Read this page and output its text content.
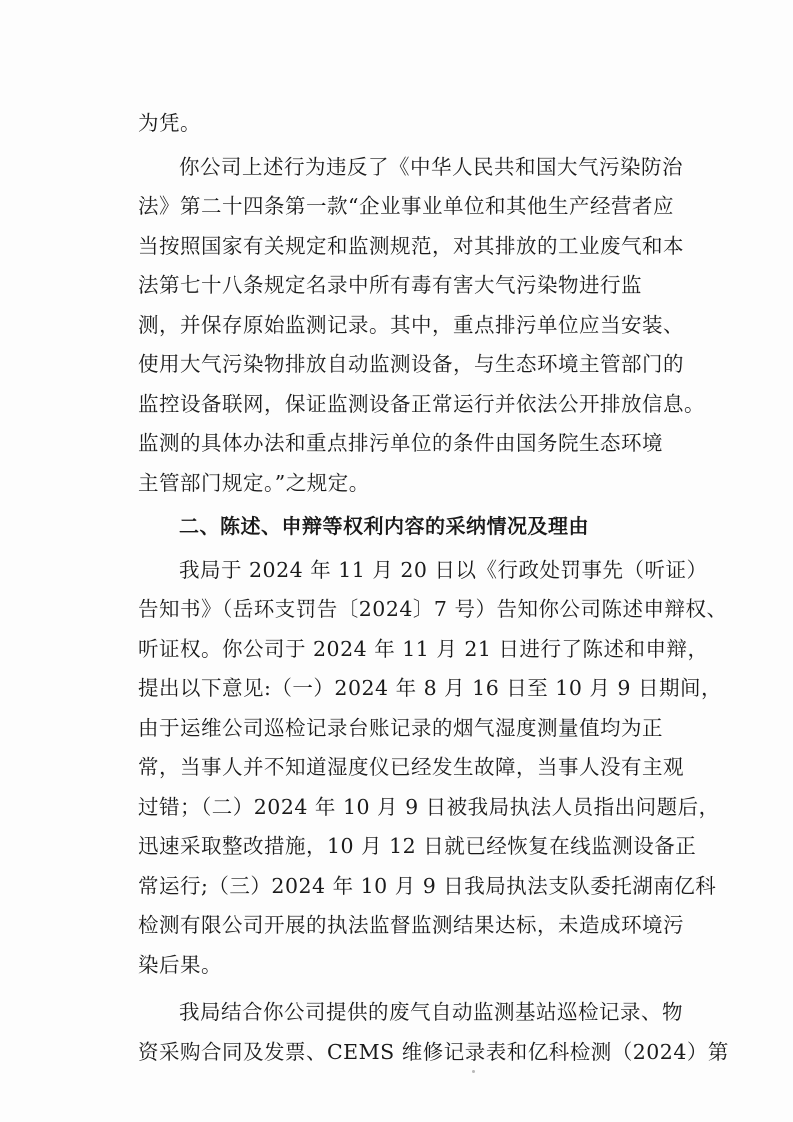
为凭。
你公司上述行为违反了《中华人民共和国大气污染防治
法》第二十四条第一款“企业事业单位和其他生产经营者应
当按照国家有关规定和监测规范，对其排放的工业废气和本
法第七十八条规定名录中所有毒有害大气污染物进行监
测，并保存原始监测记录。其中，重点排污单位应当安装、
使用大气污染物排放自动监测设备，与生态环境主管部门的
监控设备联网，保证监测设备正常运行并依法公开排放信息。
监测的具体办法和重点排污单位的条件由国务院生态环境
主管部门规定。”之规定。
二、陈述、申辩等权利内容的采纳情况及理由
我局于 2024 年 11 月 20 日以《行政处罚事先（听证）
告知书》（岳环支罚告〔2024〕7 号）告知你公司陈述申辩权、
听证权。你公司于 2024 年 11 月 21 日进行了陈述和申辩，
提出以下意见:（一）2024 年 8 月 16 日至 10 月 9 日期间，
由于运维公司巡检记录台账记录的烟气湿度测量值均为正
常，当事人并不知道湿度仪已经发生故障，当事人没有主观
过错；（二）2024 年 10 月 9 日被我局执法人员指出问题后，
迅速采取整改措施，10 月 12 日就已经恢复在线监测设备正
常运行;（三）2024 年 10 月 9 日我局执法支队委托湖南亿科
检测有限公司开展的执法监督监测结果达标，未造成环境污
染后果。
我局结合你公司提供的废气自动监测基站巡检记录、物
资采购合同及发票、CEMS 维修记录表和亿科检测（2024）第
